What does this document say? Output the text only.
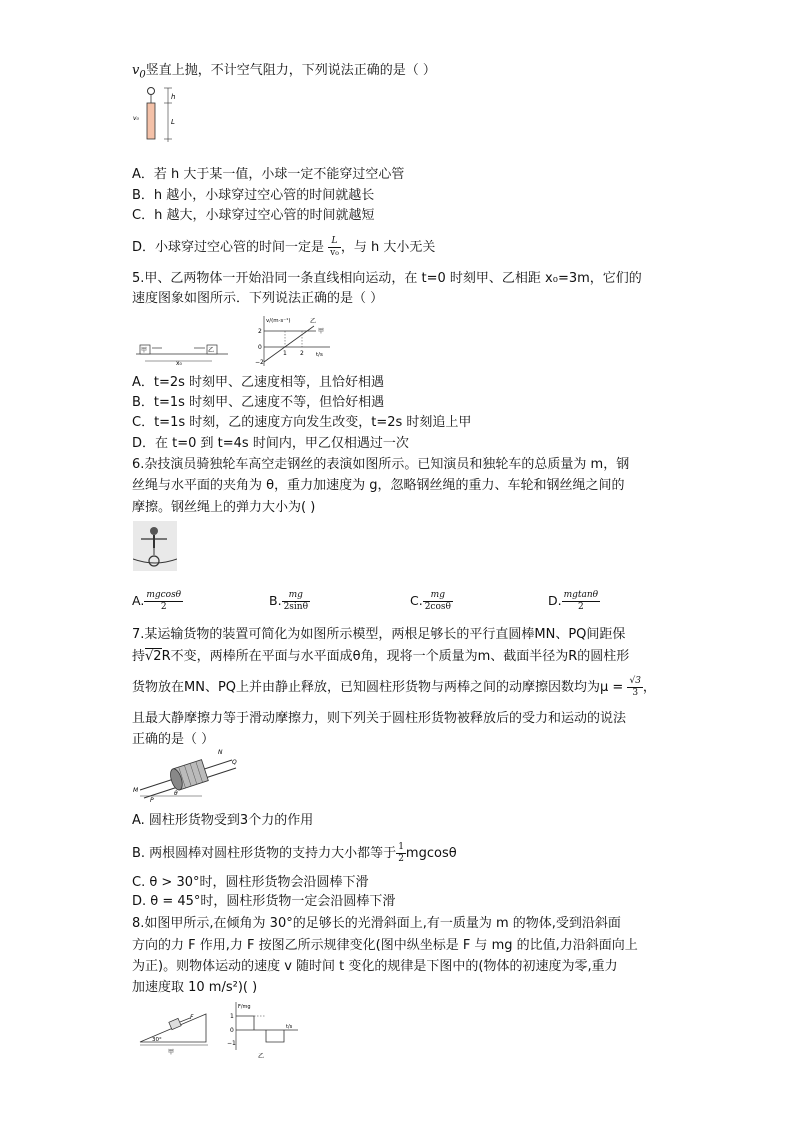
$v_0$竖直上抛，不计空气阻力，下列说法正确的是（ ）
h
L
v₀
A．若 h 大于某一值，小球一定不能穿过空心管
B．h 越小，小球穿过空心管的时间就越长
C．h 越大，小球穿过空心管的时间就越短
D．小球穿过空心管的时间一定是 $\frac{L}{\text{v₀}}$ ，与 h 大小无关
5.甲、乙两物体一开始沿同一条直线相向运动，在 t=0 时刻甲、乙相距 x₀=3m，它们的
速度图象如图所示．下列说法正确的是（ ）
甲	乙
x₀
v/(m·s⁻¹)
t/s
2
0
−2
1 2
乙
甲
A．t=2s 时刻甲、乙速度相等，且恰好相遇
B．t=1s 时刻甲、乙速度不等，但恰好相遇
C．t=1s 时刻，乙的速度方向发生改变，t=2s 时刻追上甲
D．在 t=0 到 t=4s 时间内，甲乙仅相遇过一次
6.杂技演员骑独轮车高空走钢丝的表演如图所示。已知演员和独轮车的总质量为 m，钢
丝绳与水平面的夹角为 θ，重力加速度为 g，忽略钢丝绳的重力、车轮和钢丝绳之间的
摩擦。钢丝绳上的弹力大小为( )
A. $\frac{mgcos\theta}{2}$	B. $\frac{mg}{2\sin\theta}$	C. $\frac{mg}{2\cos\theta}$	D. $\frac{mgtan\theta}{2}$
7.某运输货物的装置可简化为如图所示模型，两根足够长的平行直圆棒MN、PQ间距保
持√2R不变，两棒所在平面与水平面成θ角，现将一个质量为m、截面半径为R的圆柱形
货物放在MN、PQ上并由静止释放，已知圆柱形货物与两棒之间的动摩擦因数均为$\mu = \frac{√3}{3}$ ，
且最大静摩擦力等于滑动摩擦力，则下列关于圆柱形货物被释放后的受力和运动的说法
正确的是（ ）
M
N
P
Q
θ
A. 圆柱形货物受到3个力的作用
B. 两根圆棒对圆柱形货物的支持力大小都等于 $\frac{1}{2}$ mgcosθ
C. θ > 30°时，圆柱形货物会沿圆棒下滑
D. θ = 45°时，圆柱形货物一定会沿圆棒下滑
8.如图甲所示,在倾角为 30°的足够长的光滑斜面上,有一质量为 m 的物体,受到沿斜面
方向的力 F 作用,力 F 按图乙所示规律变化(图中纵坐标是 F 与 mg 的比值,力沿斜面向上
为正)。则物体运动的速度 v 随时间 t 变化的规律是下图中的(物体的初速度为零,重力
加速度取 10 m/s²)( )
F
30°
甲
F/mg
1
0
−1
t/s
乙
